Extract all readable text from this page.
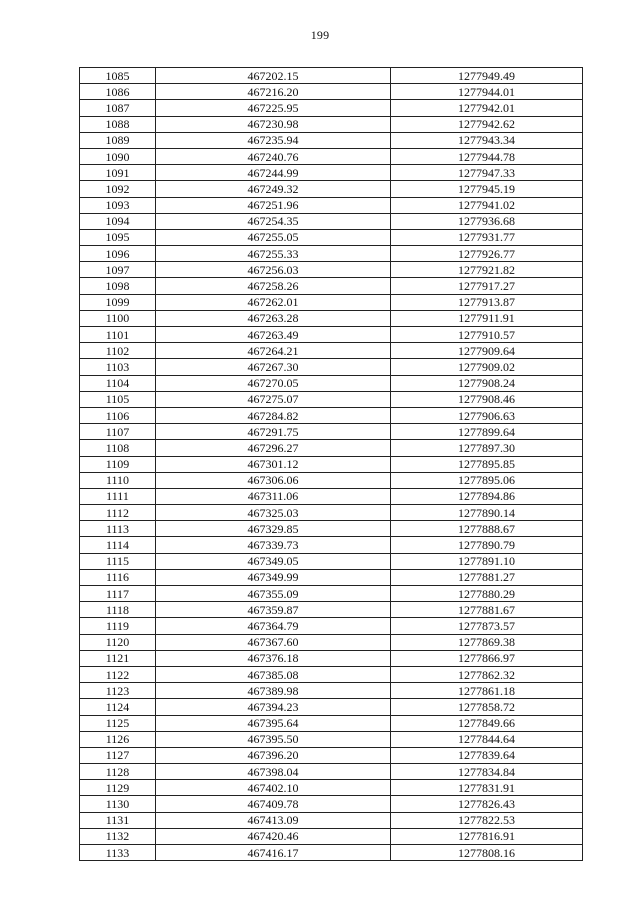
199
1085	467202.15	1277949.49
1086	467216.20	1277944.01
1087	467225.95	1277942.01
1088	467230.98	1277942.62
1089	467235.94	1277943.34
1090	467240.76	1277944.78
1091	467244.99	1277947.33
1092	467249.32	1277945.19
1093	467251.96	1277941.02
1094	467254.35	1277936.68
1095	467255.05	1277931.77
1096	467255.33	1277926.77
1097	467256.03	1277921.82
1098	467258.26	1277917.27
1099	467262.01	1277913.87
1100	467263.28	1277911.91
1101	467263.49	1277910.57
1102	467264.21	1277909.64
1103	467267.30	1277909.02
1104	467270.05	1277908.24
1105	467275.07	1277908.46
1106	467284.82	1277906.63
1107	467291.75	1277899.64
1108	467296.27	1277897.30
1109	467301.12	1277895.85
1110	467306.06	1277895.06
1111	467311.06	1277894.86
1112	467325.03	1277890.14
1113	467329.85	1277888.67
1114	467339.73	1277890.79
1115	467349.05	1277891.10
1116	467349.99	1277881.27
1117	467355.09	1277880.29
1118	467359.87	1277881.67
1119	467364.79	1277873.57
1120	467367.60	1277869.38
1121	467376.18	1277866.97
1122	467385.08	1277862.32
1123	467389.98	1277861.18
1124	467394.23	1277858.72
1125	467395.64	1277849.66
1126	467395.50	1277844.64
1127	467396.20	1277839.64
1128	467398.04	1277834.84
1129	467402.10	1277831.91
1130	467409.78	1277826.43
1131	467413.09	1277822.53
1132	467420.46	1277816.91
1133	467416.17	1277808.16
